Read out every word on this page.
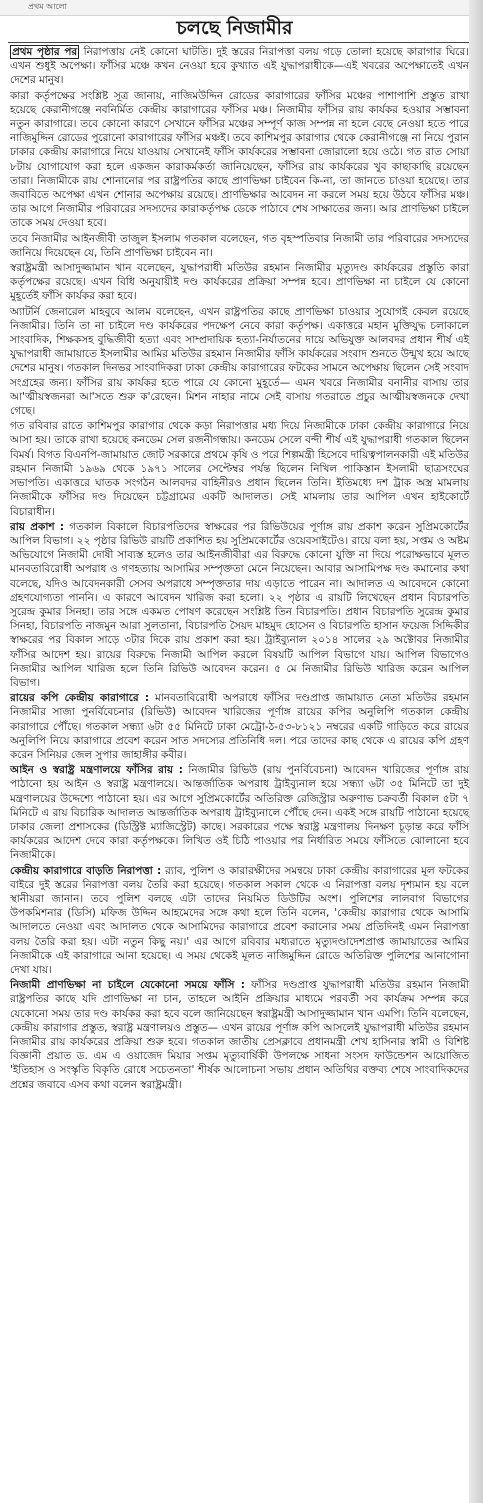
প্রথম আলো
চলছে নিজামীর

প্রথম পৃষ্ঠার পর নিরাপত্তায় নেই কোনো ঘাটতি। দুই স্তরের নিরাপত্তা বলয় গড়ে তোলা হয়েছে কারাগার ঘিরে। এখন শুধুই অপেক্ষা। ফাঁসির মঞ্চে কখন নেওয়া হবে কুখ্যাত এই যুদ্ধাপরাধীকে—এই খবরের অপেক্ষাতেই এখন দেশের মানুষ।

কারা কর্তৃপক্ষের সংশ্লিষ্ট সূত্র জানায়, নাজিমউদ্দিন রোডের কারাগারের ফাঁসির মঞ্চের পাশাপাশি প্রস্তুত রাখা হয়েছে কেরানীগঞ্জে নবনির্মিত কেন্দ্রীয় কারাগারের ফাঁসির মঞ্চ। নিজামীর ফাঁসির রায় কার্যকর হওয়ার সম্ভাবনা নতুন কারাগারে। তবে কোনো কারণে সেখানে ফাঁসির মঞ্চের সম্পূর্ণ কাজ সম্পন্ন না হলে বেছে নেওয়া হতে পারে নাজিমুদ্দিন রোডের পুরোনো কারাগারের ফাঁসির মঞ্চই। তবে কাশিমপুর কারাগার থেকে কেরানীগঞ্জে না নিয়ে পুরান ঢাকার কেন্দ্রীয় কারাগারে নিয়ে যাওয়ায় সেখানেই ফাঁসি কার্যকরের সম্ভাবনা জোরালো হয়ে ওঠে। গত রাত সোয়া ৮টায় যোগাযোগ করা হলে একজন কারাকর্মকর্তা জানিয়েছেন, ফাঁসির রায় কার্যকরের খুব কাছাকাছি রয়েছেন তারা। নিজামীকে রায় শোনানোর পর রাষ্ট্রপতির কাছে প্রাণভিক্ষা চাইবেন কি-না, তা জানতে চাওয়া হয়েছে। তার জবাবিতে অপেক্ষা এখন শোনার অপেক্ষায় রয়েছে। প্রাণভিক্ষার আবেদন না করলে সময় হয়ে উঠবে ফাঁসির মঞ্চ। তার আগে নিজামীর পরিবারের সদস্যদের কারাকর্তৃপক্ষ ডেকে পাঠাবে শেষ সাক্ষাতের জন্য। আর প্রাণভিক্ষা চাইলে তাকে সময় দেওয়া হবে।

তবে নিজামীর আইনজীবী তাজুল ইসলাম গতকাল বলেছেন, গত বৃহস্পতিবার নিজামী তার পরিবারের সদস্যদের জানিয়ে দিয়েছেন যে, তিনি প্রাণভিক্ষা চাইবেন না।

স্বরাষ্ট্রমন্ত্রী আসাদুজ্জামান খান বলেছেন, যুদ্ধাপরাধী মতিউর রহমান নিজামীর মৃত্যুদণ্ড কার্যকরের প্রস্তুতি কারা কর্তৃপক্ষের রয়েছে। এখন বিধি অনুযায়ীই দণ্ড কার্যকরের প্রক্রিয়া সম্পন্ন হবে। প্রাণভিক্ষা না চাইলে যে কোনো মুহূর্তেই ফাঁসি কার্যকর করা হবে।

অ্যাটর্নি জেনারেল মাহবুবে আলম বলেছেন, এখন রাষ্ট্রপতির কাছে প্রাণভিক্ষা চাওয়ার সুযোগই কেবল রয়েছে নিজামীর। তিনি তা না চাইলে দণ্ড কার্যকরের পদক্ষেপ নেবে কারা কর্তৃপক্ষ। একাত্তরে মহান মুক্তিযুদ্ধ চলাকালে সাংবাদিক, শিক্ষকসহ বুদ্ধিজীবী হত্যা এবং সাম্প্রদায়িক হত্যা-নির্যাতনের দায়ে অভিযুক্ত আলবদর প্রধান শীর্ষ এই যুদ্ধাপরাধী জামায়াতে ইসলামীর আমির মতিউর রহমান নিজামীর ফাঁসি কার্যকরের সংবাদ শুনতে উন্মুখ হয়ে আছে দেশের মানুষ। গতকাল দিনভর সাংবাদিকরা ঢাকা কেন্দ্রীয় কারাগারের ফটকের সামনে অপেক্ষায় ছিলেন সেই সংবাদ সংগ্রহের জন্য। ফাঁসির রায় কার্যকর হতে পারে যে কোনো মুহূর্তে— এমন খবরে নিজামীর বনানীর বাসায় তার আ'ত্মীয়স্বজনরা আ'সতে শুরু ক'রেছেন। মিশন নাহার নামে সেই বাসায় গতরাতে প্রচুর আত্মীয়স্বজনকে দেখা গেছে।

গত রবিবার রাতে কাশিমপুর কারাগার থেকে কড়া নিরাপত্তার মধ্য দিয়ে নিজামীকে ঢাকা কেন্দ্রীয় কারাগারে নিয়ে আসা হয়। তাকে রাখা হয়েছে কনডেম সেল রজনীগন্ধায়। কনডেম সেলে বন্দী শীর্ষ এই যুদ্ধাপরাধী গতকাল ছিলেন বিমর্ষ। বিগত বিএনপি-জামায়াত জোট সরকারে প্রথমে কৃষি ও পরে শিল্পমন্ত্রী হিসেবে দায়িত্বপালনকারী এই মতিউর রহমান নিজামী ১৯৬৯ থেকে ১৯৭১ সালের সেপ্টেম্বর পর্যন্ত ছিলেন নিখিল পাকিস্তান ইসলামী ছাত্রসংঘের সভাপতি। একাত্তরে ঘাতক সংগঠন আলবদর বাহিনীরও প্রধান ছিলেন তিনি। ইতিমধ্যে দশ ট্রাক অস্ত্র মামলায় নিজামীকে ফাঁসির দণ্ড দিয়েছেন চট্টগ্রামের একটি আদালত। সেই মামলায় তার আপিল এখন হাইকোর্টে বিচারাধীন।

রায় প্রকাশ : গতকাল বিকালে বিচারপতিদের স্বাক্ষরের পর রিভিউয়ের পূর্ণাঙ্গ রায় প্রকাশ করেন সুপ্রিমকোর্টের আপিল বিভাগ। ২২ পৃষ্ঠার রিভিউ রায়টি প্রকাশিত হয় সুপ্রিমকোর্টের ওয়েবসাইটেও। রায়ে বলা হয়, সপ্তম ও অষ্টম অভিযোগে নিজামী দোষী সাব্যস্ত হলেও তার আইনজীবীরা এর বিরুদ্ধে কোনো যুক্তি না দিয়ে পরোক্ষভাবে মূলত মানবতাবিরোধী অপরাধ ও গণহত্যায় আসামির সম্পৃক্ততা মেনে নিয়েছেন। আবার আসামিপক্ষ দণ্ড কমানোর কথা বলেছে, যদিও আবেদনকারী সেসব অপরাধে সম্পৃক্ততার দায় এড়াতে পারেন না। আদালত এ আবেদনে কোনো গ্রহণযোগ্যতা পাননি। এ কারণে আবেদন খারিজ করা হলো। ২২ পৃষ্ঠার এ রায়টি লিখেছেন প্রধান বিচারপতি সুরেন্দ্র কুমার সিনহা। তার সঙ্গে একমত পোষণ করেছেন সংশ্লিষ্ট তিন বিচারপতি। প্রধান বিচারপতি সুরেন্দ্র কুমার সিনহা, বিচারপতি নাজমুন আরা সুলতানা, বিচারপতি সৈয়দ মাহমুদ হোসেন ও বিচারপতি হাসান ফয়েজ সিদ্দিকীর স্বাক্ষরের পর বিকাল সাড়ে ৩টার দিকে রায় প্রকাশ করা হয়। ট্রাইব্যুনাল ২০১৪ সালের ২৯ অক্টোবর নিজামীর ফাঁসির আদেশ হয়। রায়ের বিরুদ্ধে নিজামী আপিল করলে বিষয়টি আপিল বিভাগে যায়। আপিল বিভাগেও নিজামীর আপিল খারিজ হলে তিনি রিভিউ আবেদন করেন। ৫ মে নিজামীর রিভিউ খারিজ করেন আপিল বিভাগ।

রায়ের কপি কেন্দ্রীয় কারাগারে : মানবতাবিরোধী অপরাধে ফাঁসির দণ্ডপ্রাপ্ত জামায়াত নেতা মতিউর রহমান নিজামীর সাজা পুনর্বিবেচনার (রিভিউ) আবেদন খারিজের পূর্ণাঙ্গ রায়ের কপির অনুলিপি গতকাল কেন্দ্রীয় কারাগারে পৌঁছে। গতকাল সন্ধ্যা ৬টা ৫৫ মিনিটে ঢাকা মেট্রো-ঠ-৫৩-৮১২১ নম্বরের একটি গাড়িতে করে রায়ের অনুলিপি নিয়ে কারাগারে প্রবেশ করেন সাত সদস্যের প্রতিনিধি দল। পরে তাদের কাছ থেকে এ রায়ের কপি গ্রহণ করেন সিনিয়র জেল সুপার জাহাঙ্গীর কবীর।

আইন ও স্বরাষ্ট্র মন্ত্রণালয়ে ফাঁসির রায় : নিজামীর রিভিউ (রায় পুনর্বিবেচনা) আবেদন খারিজের পূর্ণাঙ্গ রায় পাঠানো হয় আইন ও স্বরাষ্ট্র মন্ত্রণালয়ে। আন্তর্জাতিক অপরাধ ট্রাইব্যুনাল হয়ে সন্ধ্যা ৬টা ৩৫ মিনিটে তা দুই মন্ত্রণালয়ের উদ্দেশ্যে পাঠানো হয়। এর আগে সুপ্রিমকোর্টের অতিরিক্ত রেজিস্ট্রার অরুণাভ চক্রবর্তী বিকাল ৫টা ৭ মিনিটে এ রায় বিচারিক আদালত আন্তর্জাতিক অপরাধ ট্রাইব্যুনালে পৌঁছে দেন। একই সঙ্গে রায়টি পাঠানো হয়েছে ঢাকার জেলা প্রশাসকের (ডিস্ট্রিক্ট ম্যাজিস্ট্রেট) কাছে। সরকারের পক্ষে স্বরাষ্ট্র মন্ত্রণালয় দিনক্ষণ চূড়ান্ত করে ফাঁসি কার্যকরের আদেশ দেবে কারা কর্তৃপক্ষকে। লিখিত ওই চিঠি পাওয়ার পর নির্ধারিত সময়ে ফাঁসিতে ঝোলানো হবে নিজামীকে।

কেন্দ্রীয় কারাগারে বাড়তি নিরাপত্তা : র‌্যাব, পুলিশ ও কারারক্ষীদের সমন্বয়ে ঢাকা কেন্দ্রীয় কারাগারের মূল ফটকের বাইরে দুই স্তরের নিরাপত্তা বলয় তৈরি করা হয়েছে। গতকাল সকাল থেকে এ নিরাপত্তা বলয় দৃশ্যমান হয় বলে স্থানীয়রা জানান। তবে পুলিশ বলছে এটা তাদের নিয়মিত ডিউটির অংশ। পুলিশের লালবাগ বিভাগের উপকমিশনার (ডিসি) মফিজ উদ্দিন আহমেদের সঙ্গে কথা হলে তিনি বলেন, 'কেন্দ্রীয় কারাগার থেকে আসামি আদালতে নেওয়া এবং আদালত থেকে আসামিদের কারাগারে প্রবেশ করানোর সময় প্রতিদিনই এমন নিরাপত্তা বলয় তৈরি করা হয়। এটা নতুন কিছু নয়।' এর আগে রবিবার মধ্যরাতে মৃত্যুদণ্ডাদেশপ্রাপ্ত জামায়াতের আমির নিজামীকে এই কারাগারে আনা হয়েছে। এ সময় থেকেই মূলত নাজিমুদ্দিন রোডে অতিরিক্ত পুলিশের আনাগোনা দেখা যায়।

নিজামী প্রাণভিক্ষা না চাইলে যেকোনো সময়ে ফাঁসি : ফাঁসির দণ্ডপ্রাপ্ত যুদ্ধাপরাধী মতিউর রহমান নিজামী রাষ্ট্রপতির কাছে যদি প্রাণভিক্ষা না চান, তাহলে আইনি প্রক্রিয়ার মাধ্যমে পরবর্তী সব কার্যক্রম সম্পন্ন করে যেকোনো সময় তার দণ্ড কার্যকর করা হবে বলে জানিয়েছেন স্বরাষ্ট্রমন্ত্রী আসাদুজ্জামান খান এমপি। তিনি বলেছেন, কেন্দ্রীয় কারাগার প্রস্তুত, স্বরাষ্ট্র মন্ত্রণালয়ও প্রস্তুত— এখন রায়ের পূর্ণাঙ্গ কপি আসলেই যুদ্ধাপরাধী মতিউর রহমান নিজামীর রায় কার্যকরের প্রক্রিয়া শুরু হবে। গতকাল জাতীয় প্রেসক্লাবে প্রধানমন্ত্রী শেখ হাসিনার স্বামী ও বিশিষ্ট বিজ্ঞানী প্রয়াত ড. এম এ ওয়াজেদ মিয়ার সপ্তম মৃত্যুবার্ষিকী উপলক্ষে সাধনা সংসদ ফাউন্ডেশন আয়োজিত 'ইতিহাস ও সংস্কৃতি বিকৃতি রোধে সচেতনতা' শীর্ষক আলোচনা সভায় প্রধান অতিথির বক্তব্য শেষে সাংবাদিকদের প্রশ্নের জবাবে এসব কথা বলেন স্বরাষ্ট্রমন্ত্রী।
